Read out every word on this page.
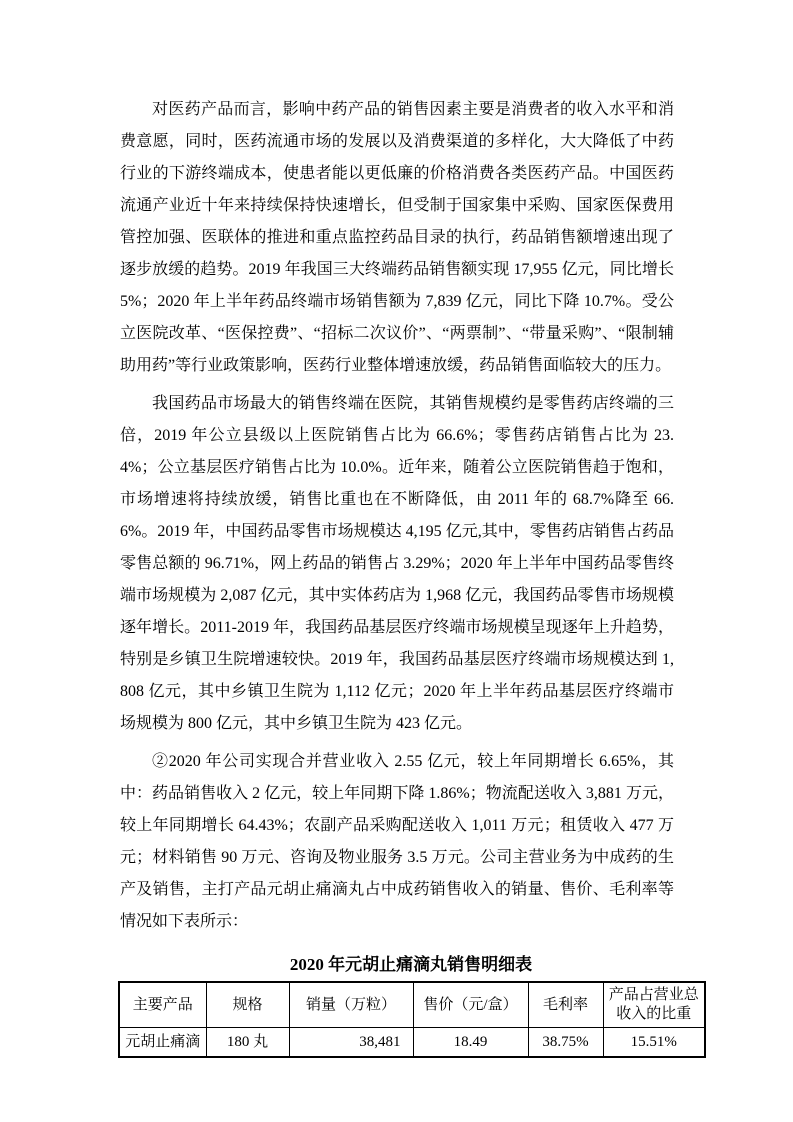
对医药产品而言，影响中药产品的销售因素主要是消费者的收入水平和消费意愿，同时，医药流通市场的发展以及消费渠道的多样化，大大降低了中药行业的下游终端成本，使患者能以更低廉的价格消费各类医药产品。中国医药流通产业近十年来持续保持快速增长，但受制于国家集中采购、国家医保费用管控加强、医联体的推进和重点监控药品目录的执行，药品销售额增速出现了逐步放缓的趋势。2019 年我国三大终端药品销售额实现 17,955 亿元，同比增长 5%；2020 年上半年药品终端市场销售额为 7,839 亿元，同比下降 10.7%。受公立医院改革、“医保控费”、“招标二次议价”、“两票制”、“带量采购”、“限制辅助用药”等行业政策影响，医药行业整体增速放缓，药品销售面临较大的压力。

我国药品市场最大的销售终端在医院，其销售规模约是零售药店终端的三倍，2019 年公立县级以上医院销售占比为 66.6%；零售药店销售占比为 23.4%；公立基层医疗销售占比为 10.0%。近年来，随着公立医院销售趋于饱和，市场增速将持续放缓，销售比重也在不断降低，由 2011 年的 68.7%降至 66.6%。2019 年，中国药品零售市场规模达 4,195 亿元,其中，零售药店销售占药品零售总额的 96.71%，网上药品的销售占 3.29%；2020 年上半年中国药品零售终端市场规模为 2,087 亿元，其中实体药店为 1,968 亿元，我国药品零售市场规模逐年增长。2011-2019 年，我国药品基层医疗终端市场规模呈现逐年上升趋势，特别是乡镇卫生院增速较快。2019 年，我国药品基层医疗终端市场规模达到 1,808 亿元，其中乡镇卫生院为 1,112 亿元；2020 年上半年药品基层医疗终端市场规模为 800 亿元，其中乡镇卫生院为 423 亿元。

②2020 年公司实现合并营业收入 2.55 亿元，较上年同期增长 6.65%，其中：药品销售收入 2 亿元，较上年同期下降 1.86%；物流配送收入 3,881 万元，较上年同期增长 64.43%；农副产品采购配送收入 1,011 万元；租赁收入 477 万元；材料销售 90 万元、咨询及物业服务 3.5 万元。公司主营业务为中成药的生产及销售，主打产品元胡止痛滴丸占中成药销售收入的销量、售价、毛利率等情况如下表所示：

2020 年元胡止痛滴丸销售明细表
主要产品	规格	销量（万粒）	售价（元/盒）	毛利率	产品占营业总收入的比重
元胡止痛滴	180 丸	38,481	18.49	38.75%	15.51%
